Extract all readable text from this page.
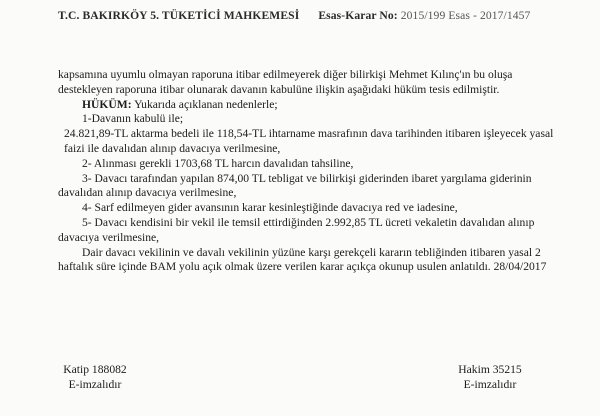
T.C. BAKIRKÖY 5. TÜKETİCİ MAHKEMESİ Esas-Karar No: 2015/199 Esas - 2017/1457

kapsamına uyumlu olmayan raporuna itibar edilmeyerek diğer bilirkişi Mehmet Kılınç'ın bu oluşa destekleyen raporuna itibar olunarak davanın kabulüne ilişkin aşağıdaki hüküm tesis edilmiştir.

HÜKÜM: Yukarıda açıklanan nedenlerle;

1-Davanın kabulü ile;

24.821,89-TL aktarma bedeli ile 118,54-TL ihtarname masrafının dava tarihinden itibaren işleyecek yasal faizi ile davalıdan alınıp davacıya verilmesine,

2- Alınması gerekli 1703,68 TL harcın davalıdan tahsiline,

3- Davacı tarafından yapılan 874,00 TL tebligat ve bilirkişi giderinden ibaret yargılama giderinin davalıdan alınıp davacıya verilmesine,

4- Sarf edilmeyen gider avansının karar kesinleştiğinde davacıya red ve iadesine,

5- Davacı kendisini bir vekil ile temsil ettirdiğinden 2.992,85 TL ücreti vekaletin davalıdan alınıp davacıya verilmesine,

Dair davacı vekilinin ve davalı vekilinin yüzüne karşı gerekçeli kararın tebliğinden itibaren yasal 2 haftalık süre içinde BAM yolu açık olmak üzere verilen karar açıkça okunup usulen anlatıldı. 28/04/2017

Katip 188082
E-imzalıdır
Hakim 35215
E-imzalıdır
